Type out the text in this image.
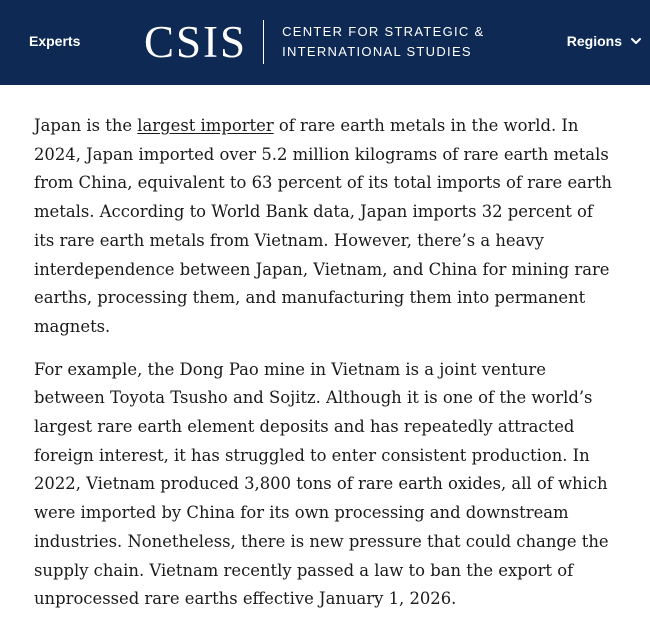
Experts CSIS	CENTER FOR STRATEGIC &
INTERNATIONAL STUDIES
Regions

Japan is the largest importer of rare earth metals in the world. In 2024, Japan imported over 5.2 million kilograms of rare earth metals from China, equivalent to 63 percent of its total imports of rare earth metals. According to World Bank data, Japan imports 32 percent of its rare earth metals from Vietnam. However, there’s a heavy interdependence between Japan, Vietnam, and China for mining rare earths, processing them, and manufacturing them into permanent magnets.

For example, the Dong Pao mine in Vietnam is a joint venture between Toyota Tsusho and Sojitz. Although it is one of the world’s largest rare earth element deposits and has repeatedly attracted foreign interest, it has struggled to enter consistent production. In 2022, Vietnam produced 3,800 tons of rare earth oxides, all of which were imported by China for its own processing and downstream industries. Nonetheless, there is new pressure that could change the supply chain. Vietnam recently passed a law to ban the export of unprocessed rare earths effective January 1, 2026.
